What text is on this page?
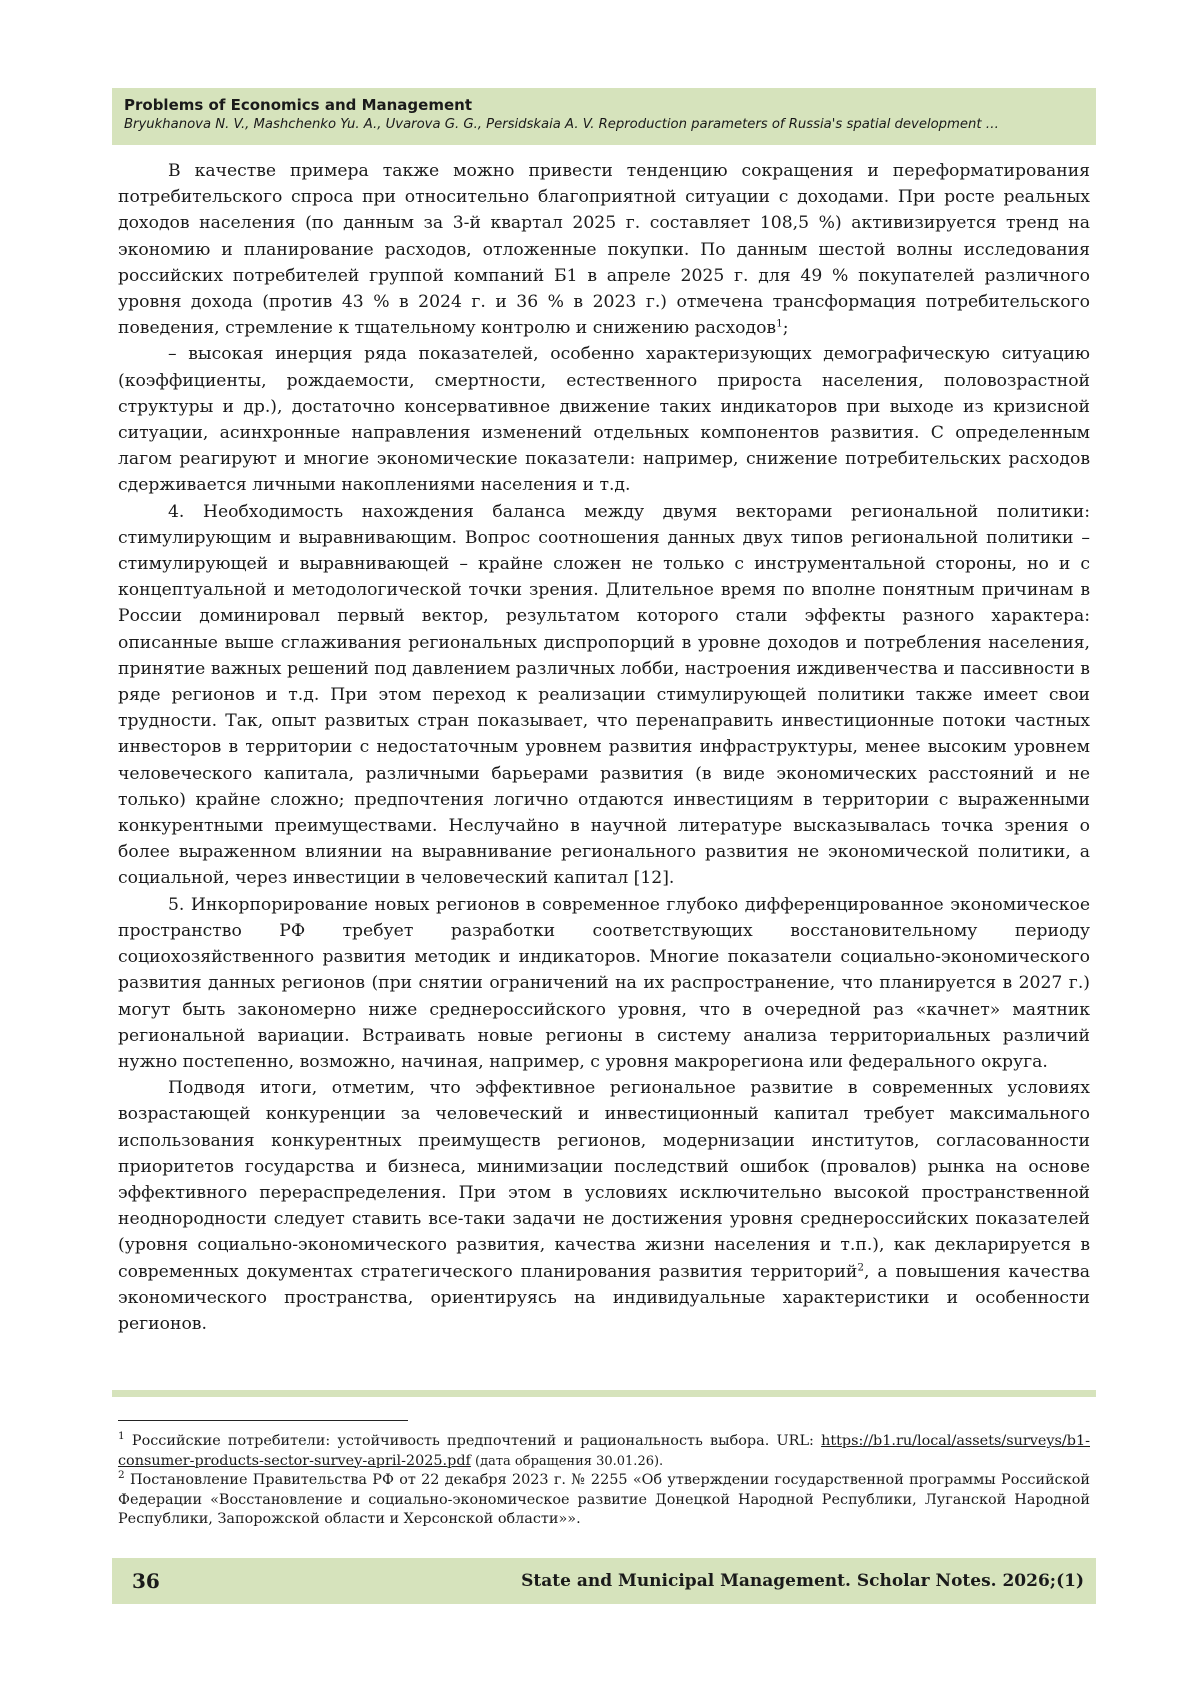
Problems of Economics and Management
Bryukhanova N. V., Mashchenko Yu. A., Uvarova G. G., Persidskaia A. V. Reproduction parameters of Russia's spatial development …

В качестве примера также можно привести тенденцию сокращения и переформатирования потребительского спроса при относительно благоприятной ситуации с доходами. При росте реальных доходов населения (по данным за 3-й квартал 2025 г. составляет 108,5 %) активизируется тренд на экономию и планирование расходов, отложенные покупки. По данным шестой волны исследования российских потребителей группой компаний Б1 в апреле 2025 г. для 49 % покупателей различного уровня дохода (против 43 % в 2024 г. и 36 % в 2023 г.) отмечена трансформация потребительского поведения, стремление к тщательному контролю и снижению расходов$^1$;

– высокая инерция ряда показателей, особенно характеризующих демографическую ситуацию (коэффициенты, рождаемости, смертности, естественного прироста населения, половозрастной структуры и др.), достаточно консервативное движение таких индикаторов при выходе из кризисной ситуации, асинхронные направления изменений отдельных компонентов развития. С определенным лагом реагируют и многие экономические показатели: например, снижение потребительских расходов сдерживается личными накоплениями населения и т.д.

4. Необходимость нахождения баланса между двумя векторами региональной политики: стимулирующим и выравнивающим. Вопрос соотношения данных двух типов региональной политики – стимулирующей и выравнивающей – крайне сложен не только с инструментальной стороны, но и с концептуальной и методологической точки зрения. Длительное время по вполне понятным причинам в России доминировал первый вектор, результатом которого стали эффекты разного характера: описанные выше сглаживания региональных диспропорций в уровне доходов и потребления населения, принятие важных решений под давлением различных лобби, настроения иждивенчества и пассивности в ряде регионов и т.д. При этом переход к реализации стимулирующей политики также имеет свои трудности. Так, опыт развитых стран показывает, что перенаправить инвестиционные потоки частных инвесторов в территории с недостаточным уровнем развития инфраструктуры, менее высоким уровнем человеческого капитала, различными барьерами развития (в виде экономических расстояний и не только) крайне сложно; предпочтения логично отдаются инвестициям в территории с выраженными конкурентными преимуществами. Неслучайно в научной литературе высказывалась точка зрения о более выраженном влиянии на выравнивание регионального развития не экономической политики, а социальной, через инвестиции в человеческий капитал [12].

5. Инкорпорирование новых регионов в современное глубоко дифференцированное экономическое пространство РФ требует разработки соответствующих восстановительному периоду социохозяйственного развития методик и индикаторов. Многие показатели социально-экономического развития данных регионов (при снятии ограничений на их распространение, что планируется в 2027 г.) могут быть закономерно ниже среднероссийского уровня, что в очередной раз «качнет» маятник региональной вариации. Встраивать новые регионы в систему анализа территориальных различий нужно постепенно, возможно, начиная, например, с уровня макрорегиона или федерального округа.

Подводя итоги, отметим, что эффективное региональное развитие в современных условиях возрастающей конкуренции за человеческий и инвестиционный капитал требует максимального использования конкурентных преимуществ регионов, модернизации институтов, согласованности приоритетов государства и бизнеса, минимизации последствий ошибок (провалов) рынка на основе эффективного перераспределения. При этом в условиях исключительно высокой пространственной неоднородности следует ставить все-таки задачи не достижения уровня среднероссийских показателей (уровня социально-экономического развития, качества жизни населения и т.п.), как декларируется в современных документах стратегического планирования развития территорий$^2$, а повышения качества экономического пространства, ориентируясь на индивидуальные характеристики и особенности регионов.

$^1$ Российские потребители: устойчивость предпочтений и рациональность выбора. URL: https://b1.ru/local/assets/surveys/b1-consumer-products-sector-survey-april-2025.pdf (дата обращения 30.01.26).

$^2$ Постановление Правительства РФ от 22 декабря 2023 г. № 2255 «Об утверждении государственной программы Российской Федерации «Восстановление и социально-экономическое развитие Донецкой Народной Республики, Луганской Народной Республики, Запорожской области и Херсонской области»».

36	State and Municipal Management. Scholar Notes. 2026;(1)
